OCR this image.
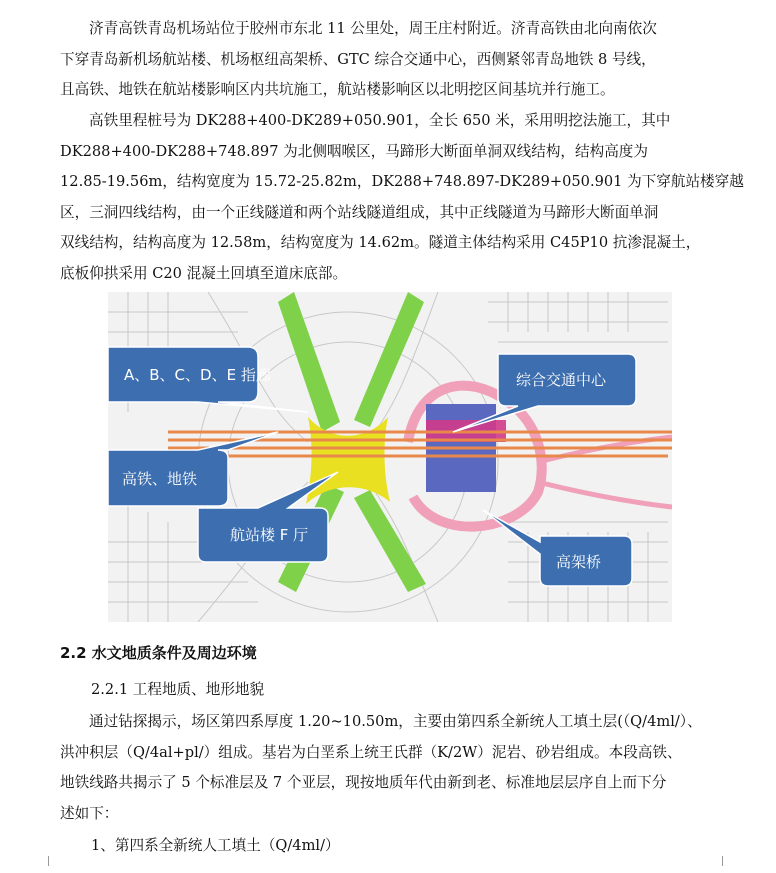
济青高铁青岛机场站位于胶州市东北 11 公里处，周王庄村附近。济青高铁由北向南依次
下穿青岛新机场航站楼、机场枢纽高架桥、GTC 综合交通中心，西侧紧邻青岛地铁 8 号线，
且高铁、地铁在航站楼影响区内共坑施工，航站楼影响区以北明挖区间基坑并行施工。

高铁里程桩号为 DK288+400-DK289+050.901，全长 650 米，采用明挖法施工，其中
DK288+400-DK288+748.897 为北侧咽喉区，马蹄形大断面单洞双线结构，结构高度为
12.85-19.56m，结构宽度为 15.72-25.82m，DK288+748.897-DK289+050.901 为下穿航站楼穿越
区，三洞四线结构，由一个正线隧道和两个站线隧道组成，其中正线隧道为马蹄形大断面单洞
双线结构，结构高度为 12.58m，结构宽度为 14.62m。隧道主体结构采用 C45P10 抗渗混凝土，
底板仰拱采用 C20 混凝土回填至道床底部。

A、B、C、D、E 指廊	综合交通中心
高铁、地铁
航站楼 F 厅
高架桥
2.2 水文地质条件及周边环境
2.2.1 工程地质、地形地貌

通过钻探揭示，场区第四系厚度 1.20~10.50m，主要由第四系全新统人工填土层(（Q/4ml/）、
洪冲积层（Q/4al+pl/）组成。基岩为白垩系上统王氏群（K/2W）泥岩、砂岩组成。本段高铁、
地铁线路共揭示了 5 个标准层及 7 个亚层，现按地质年代由新到老、标准地层层序自上而下分
述如下：

1、第四系全新统人工填土（Q/4ml/）
